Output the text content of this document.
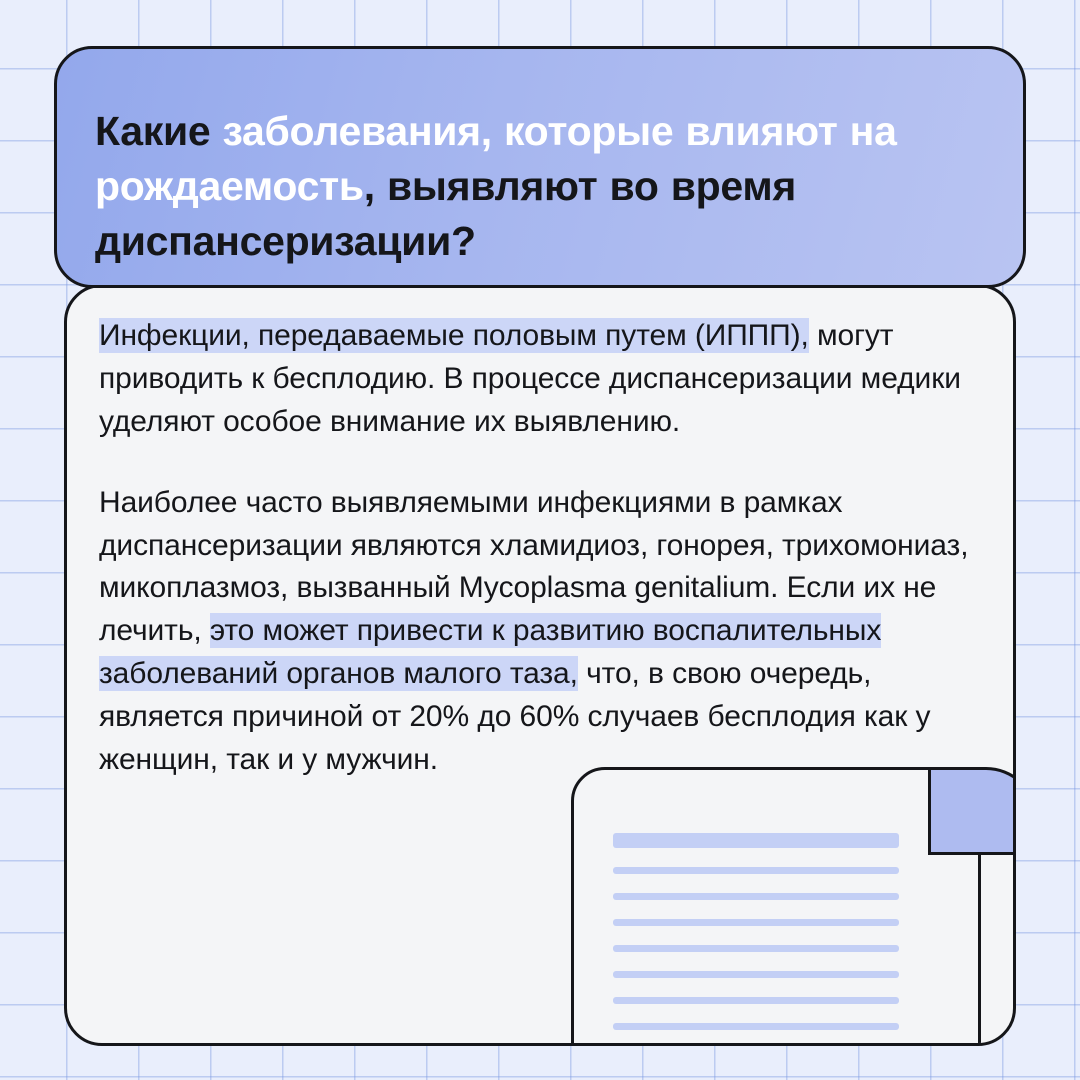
Инфекции, передаваемые половым путем (ИППП), могут приводить к бесплодию. В процессе диспансеризации медики уделяют особое внимание их выявлению.

Наиболее часто выявляемыми инфекциями в рамках диспансеризации являются хламидиоз, гонорея, трихомониаз, микоплазмоз, вызванный Mycoplasma genitalium. Если их не лечить, это может привести к развитию воспалительных заболеваний органов малого таза, что, в свою очередь, является причиной от 20% до 60% случаев бесплодия как у женщин, так и у мужчин.

Какие заболевания, которые влияют на рождаемость, выявляют во время диспансеризации?
